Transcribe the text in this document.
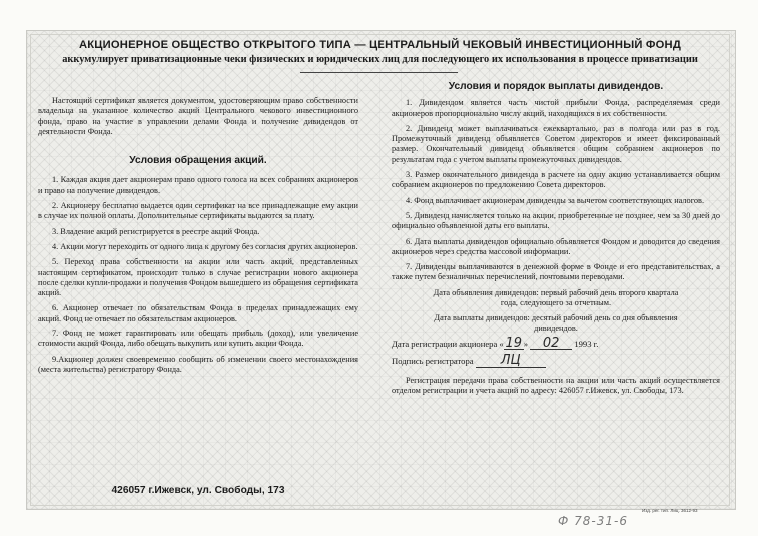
АКЦИОНЕРНОЕ ОБЩЕСТВО ОТКРЫТОГО ТИПА — ЦЕНТРАЛЬНЫЙ ЧЕКОВЫЙ ИНВЕСТИЦИОННЫЙ ФОНД
аккумулирует приватизационные чеки физических и юридических лиц для последующего их использования в процессе приватизации

Настоящий сертификат является документом, удостоверяющим право собственности владельца на указанное количество акций Центрального чекового инвестиционного фонда, право на участие в управлении делами Фонда и получение дивидендов от деятельности Фонда.

Условия обращения акций.

1. Каждая акция дает акционерам право одного голоса на всех собраниях акционеров и право на получение дивидендов.

2. Акционеру бесплатно выдается один сертификат на все принадлежащие ему акции в случае их полной оплаты. Дополнительные сертификаты выдаются за плату.

3. Владение акций регистрируется в реестре акций Фонда.

4. Акции могут переходить от одного лица к другому без согласия других акционеров.

5. Переход права собственности на акции или часть акций, представленных настоящим сертификатом, происходит только в случае регистрации нового акционера после сделки купли-продажи и получения Фондом вышедшего из обращения сертификата акций.

6. Акционер отвечает по обязательствам Фонда в пределах принадлежащих ему акций. Фонд не отвечает по обязательствам акционеров.

7. Фонд не может гарантировать или обещать прибыль (доход), или увеличение стоимости акций Фонда, либо обещать выкупить или купить акции Фонда.

9.Акционер должен своевременно сообщить об изменении своего местонахождения (места жительства) регистратору Фонда.

426057 г.Ижевск, ул. Свободы, 173
Условия и порядок выплаты дивидендов.

1. Дивидендом является часть чистой прибыли Фонда, распределяемая среди акционеров пропорционально числу акций, находящихся в их собственности.

2. Дивиденд может выплачиваться ежеквартально, раз в полгода или раз в год. Промежуточный дивиденд объявляется Советом директоров и имеет фиксированный размер. Окончательный дивиденд объявляется общим собранием акционеров по результатам года с учетом выплаты промежуточных дивидендов.

3. Размер окончательного дивиденда в расчете на одну акцию устанавливается общим собранием акционеров по предложению Совета директоров.

4. Фонд выплачивает акционерам дивиденды за вычетом соответствующих налогов.

5. Дивиденд начисляется только на акции, приобретенные не позднее, чем за 30 дней до официально объявленной даты его выплаты.

6. Дата выплаты дивидендов официально объявляется Фондом и доводится до сведения акционеров через средства массовой информации.

7. Дивиденды выплачиваются в денежной форме в Фонде и его представительствах, а также путем безналичных перечислений, почтовыми переводами.

Дата объявления дивидендов: первый рабочий день второго квартала года, следующего за отчетным.

Дата выплаты дивидендов: десятый рабочий день со дня объявления дивидендов.

Дата регистрации акционера « 19 » 02 1993 г.
Подпись регистратора ЛЦ

Регистрация передачи права собственности на акции или часть акций осуществляется отделом регистрации и учета акций по адресу: 426057 г.Ижевск, ул. Свободы, 173.

Изд. рег. тип. Лиц. 3612-93
Ф 78-31-6
